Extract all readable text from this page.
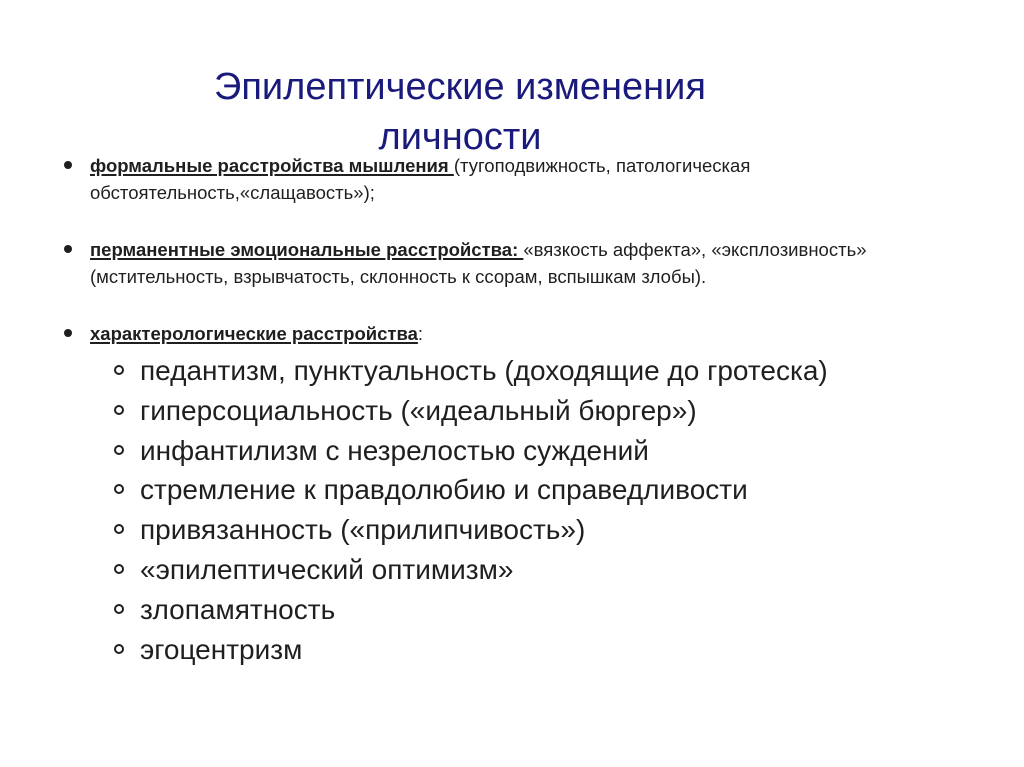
Эпилептические изменения
личности
формальные расстройства мышления (тугоподвижность, патологическая обстоятельность,«слащавость»);
перманентные эмоциональные расстройства: «вязкость аффекта», «эксплозивность» (мстительность, взрывчатость, склонность к ссорам, вспышкам злобы).
характерологические расстройства:
педантизм, пунктуальность (доходящие до гротеска)
гиперсоциальность («идеальный бюргер»)
инфантилизм с незрелостью суждений
стремление к правдолюбию и справедливости
привязанность («прилипчивость»)
«эпилептический оптимизм»
злопамятность
эгоцентризм
